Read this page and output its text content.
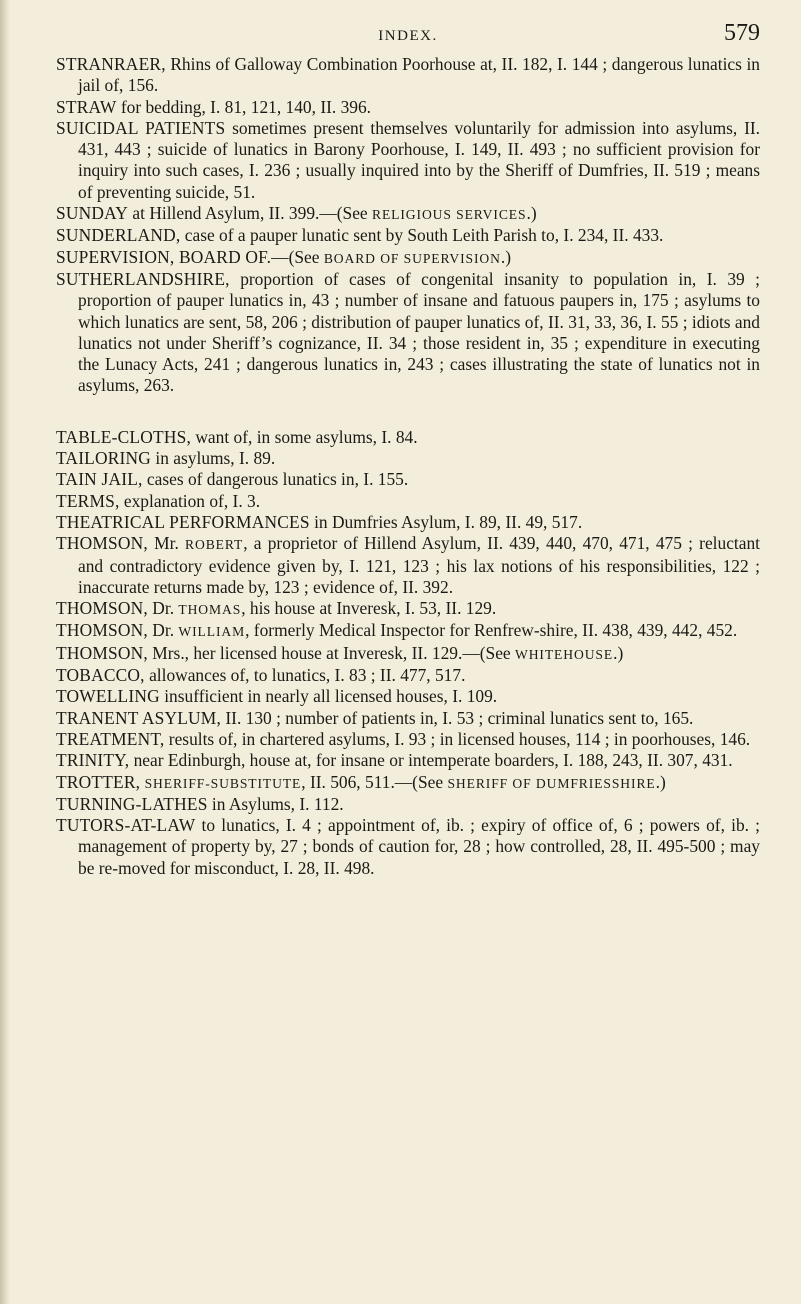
INDEX.	579

STRANRAER, Rhins of Galloway Combination Poorhouse at, II. 182, I. 144 ; dangerous lunatics in jail of, 156.

STRAW for bedding, I. 81, 121, 140, II. 396.

SUICIDAL PATIENTS sometimes present themselves voluntarily for admission into asylums, II. 431, 443 ; suicide of lunatics in Barony Poorhouse, I. 149, II. 493 ; no sufficient provision for inquiry into such cases, I. 236 ; usually inquired into by the Sheriff of Dumfries, II. 519 ; means of preventing suicide, 51.

SUNDAY at Hillend Asylum, II. 399.—(See RELIGIOUS SERVICES.)

SUNDERLAND, case of a pauper lunatic sent by South Leith Parish to, I. 234, II. 433.

SUPERVISION, BOARD OF.—(See BOARD OF SUPERVISION.)

SUTHERLANDSHIRE, proportion of cases of congenital insanity to population in, I. 39 ; proportion of pauper lunatics in, 43 ; number of insane and fatuous paupers in, 175 ; asylums to which lunatics are sent, 58, 206 ; distribution of pauper lunatics of, II. 31, 33, 36, I. 55 ; idiots and lunatics not under Sheriff’s cognizance, II. 34 ; those resident in, 35 ; expenditure in executing the Lunacy Acts, 241 ; dangerous lunatics in, 243 ; cases illustrating the state of lunatics not in asylums, 263.

TABLE-CLOTHS, want of, in some asylums, I. 84.

TAILORING in asylums, I. 89.

TAIN JAIL, cases of dangerous lunatics in, I. 155.

TERMS, explanation of, I. 3.

THEATRICAL PERFORMANCES in Dumfries Asylum, I. 89, II. 49, 517.

THOMSON, Mr. ROBERT, a proprietor of Hillend Asylum, II. 439, 440, 470, 471, 475 ; reluctant and contradictory evidence given by, I. 121, 123 ; his lax notions of his responsibilities, 122 ; inaccurate returns made by, 123 ; evidence of, II. 392.

THOMSON, Dr. THOMAS, his house at Inveresk, I. 53, II. 129.

THOMSON, Dr. WILLIAM, formerly Medical Inspector for Renfrew-shire, II. 438, 439, 442, 452.

THOMSON, Mrs., her licensed house at Inveresk, II. 129.—(See WHITEHOUSE.)

TOBACCO, allowances of, to lunatics, I. 83 ; II. 477, 517.

TOWELLING insufficient in nearly all licensed houses, I. 109.

TRANENT ASYLUM, II. 130 ; number of patients in, I. 53 ; criminal lunatics sent to, 165.

TREATMENT, results of, in chartered asylums, I. 93 ; in licensed houses, 114 ; in poorhouses, 146.

TRINITY, near Edinburgh, house at, for insane or intemperate boarders, I. 188, 243, II. 307, 431.

TROTTER, SHERIFF-SUBSTITUTE, II. 506, 511.—(See SHERIFF OF DUMFRIESSHIRE.)

TURNING-LATHES in Asylums, I. 112.

TUTORS-AT-LAW to lunatics, I. 4 ; appointment of, ib. ; expiry of office of, 6 ; powers of, ib. ; management of property by, 27 ; bonds of caution for, 28 ; how controlled, 28, II. 495-500 ; may be re-moved for misconduct, I. 28, II. 498.
